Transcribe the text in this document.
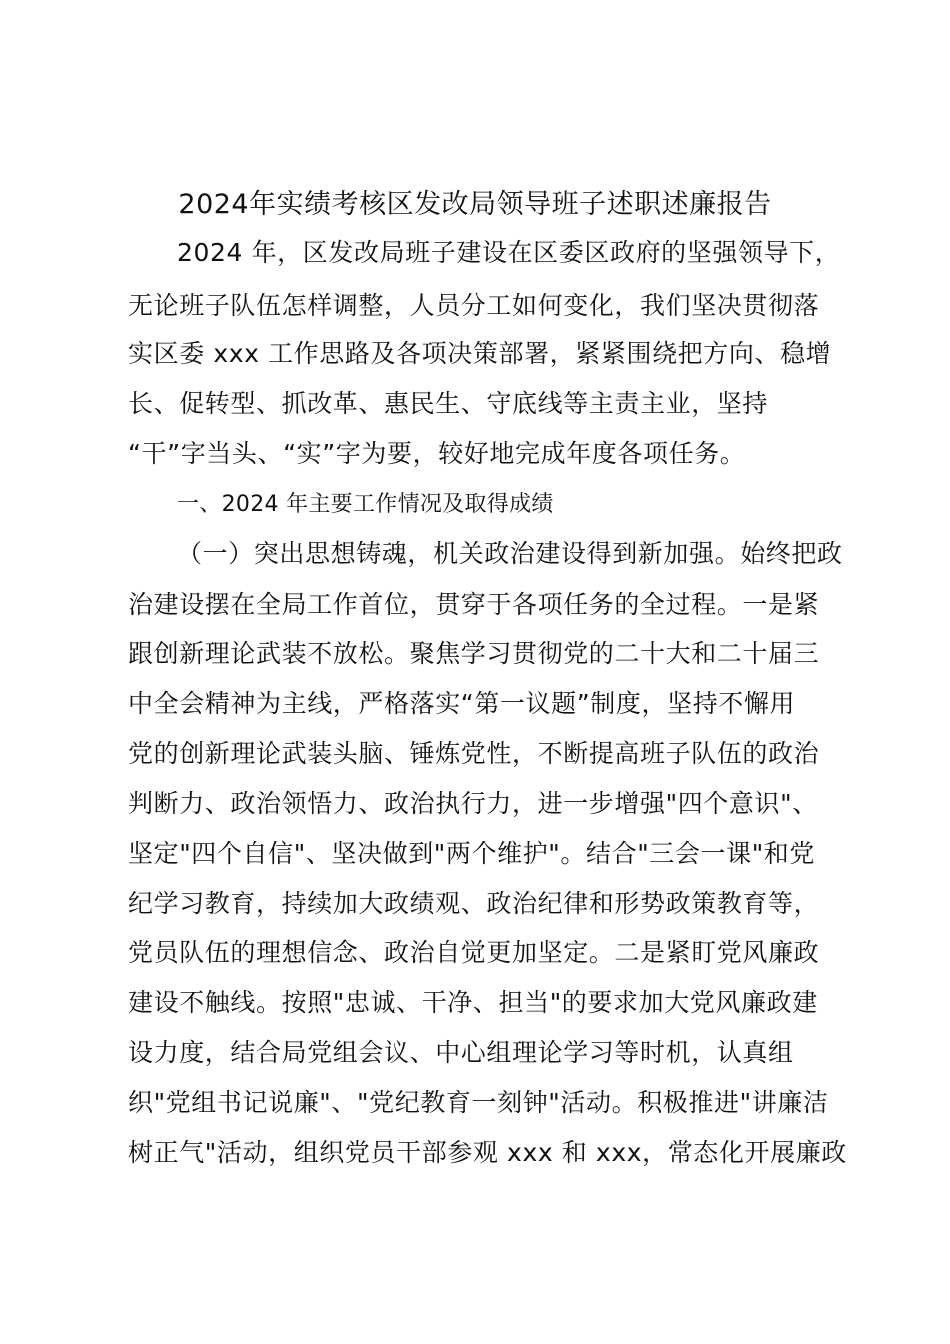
2024年实绩考核区发改局领导班子述职述廉报告
2024 年，区发改局班子建设在区委区政府的坚强领导下，
无论班子队伍怎样调整，人员分工如何变化，我们坚决贯彻落
实区委 xxx 工作思路及各项决策部署，紧紧围绕把方向、稳增
长、促转型、抓改革、惠民生、守底线等主责主业，坚持
“干”字当头、“实”字为要，较好地完成年度各项任务。
一、2024 年主要工作情况及取得成绩
（一）突出思想铸魂，机关政治建设得到新加强。始终把政
治建设摆在全局工作首位，贯穿于各项任务的全过程。一是紧
跟创新理论武装不放松。聚焦学习贯彻党的二十大和二十届三
中全会精神为主线，严格落实“第一议题”制度，坚持不懈用
党的创新理论武装头脑、锤炼党性，不断提高班子队伍的政治
判断力、政治领悟力、政治执行力，进一步增强"四个意识"、
坚定"四个自信"、坚决做到"两个维护"。结合"三会一课"和党
纪学习教育，持续加大政绩观、政治纪律和形势政策教育等，
党员队伍的理想信念、政治自觉更加坚定。二是紧盯党风廉政
建设不触线。按照"忠诚、干净、担当"的要求加大党风廉政建
设力度，结合局党组会议、中心组理论学习等时机，认真组
织"党组书记说廉"、"党纪教育一刻钟"活动。积极推进"讲廉洁
树正气"活动，组织党员干部参观 xxx 和 xxx，常态化开展廉政
